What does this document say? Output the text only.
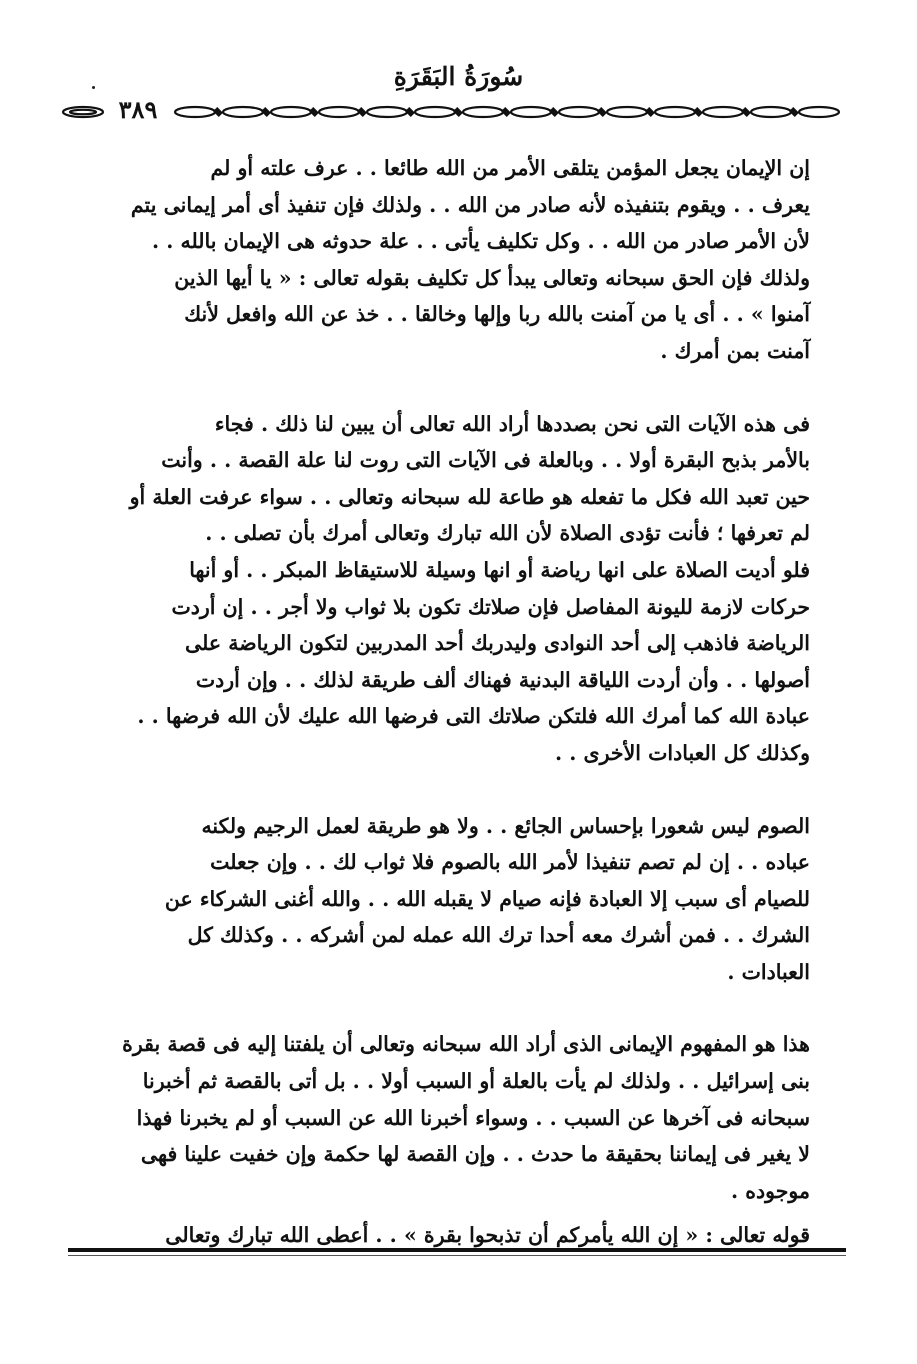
سُورَةُ البَقَرَةِ
٣٨٩

إن الإيمان يجعل المؤمن يتلقى الأمر من الله طائعا . . عرف علته أو لم
يعرف . . ويقوم بتنفيذه لأنه صادر من الله . . ولذلك فإن تنفيذ أى أمر إيمانى يتم
لأن الأمر صادر من الله . . وكل تكليف يأتى . . علة حدوثه هى الإيمان بالله . .
ولذلك فإن الحق سبحانه وتعالى يبدأ كل تكليف بقوله تعالى : « يا أيها الذين
آمنوا » . . أى يا من آمنت بالله ربا وإلها وخالقا . . خذ عن الله وافعل لأنك
آمنت بمن أمرك .

فى هذه الآيات التى نحن بصددها أراد الله تعالى أن يبين لنا ذلك . فجاء
بالأمر بذبح البقرة أولا . . وبالعلة فى الآيات التى روت لنا علة القصة . . وأنت
حين تعبد الله فكل ما تفعله هو طاعة لله سبحانه وتعالى . . سواء عرفت العلة أو
لم تعرفها ؛ فأنت تؤدى الصلاة لأن الله تبارك وتعالى أمرك بأن تصلى . .
فلو أديت الصلاة على انها رياضة أو انها وسيلة للاستيقاظ المبكر . . أو أنها
حركات لازمة لليونة المفاصل فإن صلاتك تكون بلا ثواب ولا أجر . . إن أردت
الرياضة فاذهب إلى أحد النوادى وليدربك أحد المدربين لتكون الرياضة على
أصولها . . وأن أردت اللياقة البدنية فهناك ألف طريقة لذلك . . وإن أردت
عبادة الله كما أمرك الله فلتكن صلاتك التى فرضها الله عليك لأن الله فرضها . .
وكذلك كل العبادات الأخرى . .

الصوم ليس شعورا بإحساس الجائع . . ولا هو طريقة لعمل الرجيم ولكنه
عباده . . إن لم تصم تنفيذا لأمر الله بالصوم فلا ثواب لك . . وإن جعلت
للصيام أى سبب إلا العبادة فإنه صيام لا يقبله الله . . والله أغنى الشركاء عن
الشرك . . فمن أشرك معه أحدا ترك الله عمله لمن أشركه . . وكذلك كل
العبادات .

هذا هو المفهوم الإيمانى الذى أراد الله سبحانه وتعالى أن يلفتنا إليه فى قصة بقرة
بنى إسرائيل . . ولذلك لم يأت بالعلة أو السبب أولا . . بل أتى بالقصة ثم أخبرنا
سبحانه فى آخرها عن السبب . . وسواء أخبرنا الله عن السبب أو لم يخبرنا فهذا
لا يغير فى إيماننا بحقيقة ما حدث . . وإن القصة لها حكمة وإن خفيت علينا فهى
موجوده .

قوله تعالى : « إن الله يأمركم أن تذبحوا بقرة » . . أعطى الله تبارك وتعالى
